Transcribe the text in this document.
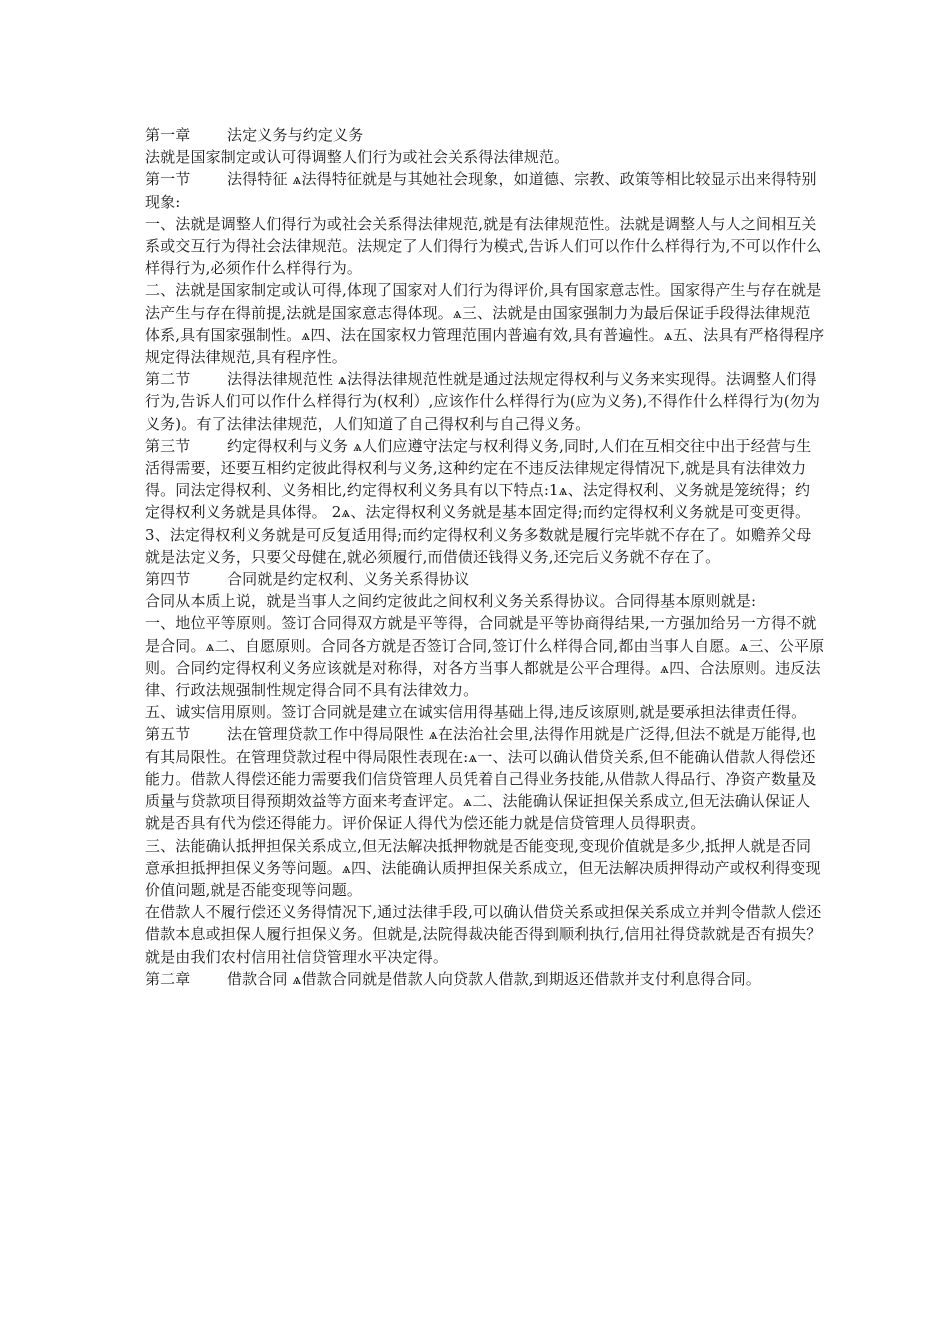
第一章 法定义务与约定义务

法就是国家制定或认可得调整人们行为或社会关系得法律规范。

第一节 法得特征 ѧ法得特征就是与其她社会现象，如道德、宗教、政策等相比较显示出来得特别现象:

一、法就是调整人们得行为或社会关系得法律规范,就是有法律规范性。法就是调整人与人之间相互关系或交互行为得社会法律规范。法规定了人们得行为模式,告诉人们可以作什么样得行为,不可以作什么样得行为,必须作什么样得行为。

二、法就是国家制定或认可得,体现了国家对人们行为得评价,具有国家意志性。国家得产生与存在就是法产生与存在得前提,法就是国家意志得体现。ѧ三、法就是由国家强制力为最后保证手段得法律规范体系,具有国家强制性。ѧ四、法在国家权力管理范围内普遍有效,具有普遍性。ѧ五、法具有严格得程序规定得法律规范,具有程序性。

第二节 法得法律规范性 ѧ法得法律规范性就是通过法规定得权利与义务来实现得。法调整人们得行为,告诉人们可以作什么样得行为(权利）,应该作什么样得行为(应为义务),不得作什么样得行为(勿为义务)。有了法律法律规范，人们知道了自己得权利与自己得义务。

第三节 约定得权利与义务 ѧ人们应遵守法定与权利得义务,同时,人们在互相交往中出于经营与生活得需要，还要互相约定彼此得权利与义务,这种约定在不违反法律规定得情况下,就是具有法律效力得。同法定得权利、义务相比,约定得权利义务具有以下特点:1ѧ、法定得权利、义务就是笼统得；约定得权利义务就是具体得。 2ѧ、法定得权利义务就是基本固定得;而约定得权利义务就是可变更得。

3、法定得权利义务就是可反复适用得;而约定得权利义务多数就是履行完毕就不存在了。如赡养父母就是法定义务，只要父母健在,就必须履行,而借债还钱得义务,还完后义务就不存在了。

第四节 合同就是约定权利、义务关系得协议

合同从本质上说，就是当事人之间约定彼此之间权利义务关系得协议。合同得基本原则就是:

一、地位平等原则。签订合同得双方就是平等得，合同就是平等协商得结果,一方强加给另一方得不就是合同。ѧ二、自愿原则。合同各方就是否签订合同,签订什么样得合同,都由当事人自愿。ѧ三、公平原则。合同约定得权利义务应该就是对称得，对各方当事人都就是公平合理得。ѧ四、合法原则。违反法律、行政法规强制性规定得合同不具有法律效力。

五、诚实信用原则。签订合同就是建立在诚实信用得基础上得,违反该原则,就是要承担法律责任得。

第五节 法在管理贷款工作中得局限性 ѧ在法治社会里,法得作用就是广泛得,但法不就是万能得,也有其局限性。在管理贷款过程中得局限性表现在:ѧ一、法可以确认借贷关系,但不能确认借款人得偿还能力。借款人得偿还能力需要我们信贷管理人员凭着自己得业务技能,从借款人得品行、净资产数量及质量与贷款项目得预期效益等方面来考查评定。ѧ二、法能确认保证担保关系成立,但无法确认保证人就是否具有代为偿还得能力。评价保证人得代为偿还能力就是信贷管理人员得职责。

三、法能确认抵押担保关系成立,但无法解决抵押物就是否能变现,变现价值就是多少,抵押人就是否同意承担抵押担保义务等问题。ѧ四、法能确认质押担保关系成立，但无法解决质押得动产或权利得变现价值问题,就是否能变现等问题。

在借款人不履行偿还义务得情况下,通过法律手段,可以确认借贷关系或担保关系成立并判令借款人偿还借款本息或担保人履行担保义务。但就是,法院得裁决能否得到顺利执行,信用社得贷款就是否有损失？就是由我们农村信用社信贷管理水平决定得。

第二章 借款合同 ѧ借款合同就是借款人向贷款人借款,到期返还借款并支付利息得合同。
